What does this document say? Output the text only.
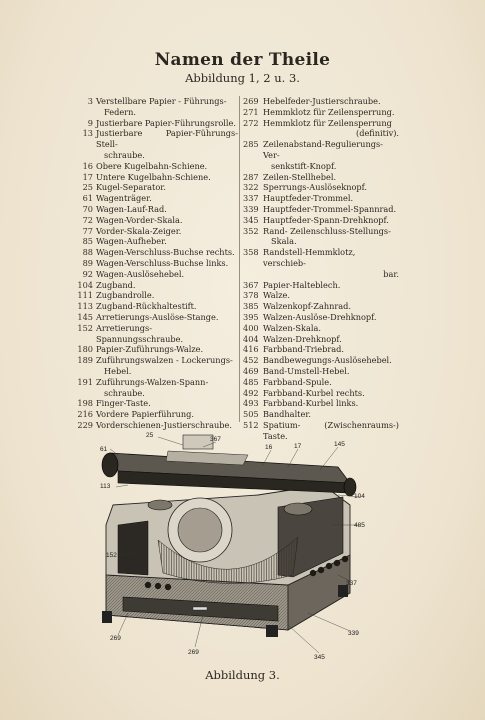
Namen der Theile
Abbildung 1, 2 u. 3.
3 Verstellbare Papier - Führungs-
Federn.
9 Justierbare Papier-Führungsrolle.
13 Justierbare Papier-Führungs-Stell-
schraube.
16 Obere Kugelbahn-Schiene.
17 Untere Kugelbahn-Schiene.
25 Kugel-Separator.
61 Wagenträger.
70 Wagen-Lauf-Rad.
72 Wagen-Vorder-Skala.
77 Vorder-Skala-Zeiger.
85 Wagen-Aufheber.
88 Wagen-Verschluss-Buchse rechts.
89 Wagen-Verschluss-Buchse links.
92 Wagen-Auslösehebel.
104 Zugband.
111 Zugbandrolle.
113 Zugband-Rückhaltestift.
145 Arretierungs-Auslöse-Stange.
152 Arretierungs-Spannungsschraube.
180 Papier-Zuführungs-Walze.
189 Zuführungswalzen - Lockerungs-
Hebel.
191 Zuführungs-Walzen-Spann-
schraube.
198 Finger-Taste.
216 Vordere Papierführung.
229 Vorderschienen-Justierschraube.
269 Hebelfeder-Justierschraube.
271 Hemmklotz für Zeilensperrung.
272 Hemmklotz für Zeilensperrung
(definitiv).
285 Zeilenabstand-Regulierungs-Ver-
senkstift-Knopf.
287 Zeilen-Stellhebel.
322 Sperrungs-Auslöseknopf.
337 Hauptfeder-Trommel.
339 Hauptfeder-Trommel-Spannrad.
345 Hauptfeder-Spann-Drehknopf.
352 Rand- Zeilenschluss-Stellungs-
Skala.
358 Randstell-Hemmklotz, verschieb-
bar.
367 Papier-Halteblech.
378 Walze.
385 Walzenkopf-Zahnrad.
395 Walzen-Auslöse-Drehknopf.
400 Walzen-Skala.
404 Walzen-Drehknopf.
416 Farbband-Triebrad.
452 Bandbewegungs-Auslösehebel.
469 Band-Umstell-Hebel.
485 Farbband-Spule.
492 Farbband-Kurbel rechts.
493 Farbband-Kurbel links.
505 Bandhalter.
512 Spatium- (Zwischenraums-) Taste.
25
367
16	17	145
61
113
104
485
152
337
339
269
269
345
Abbildung 3.
